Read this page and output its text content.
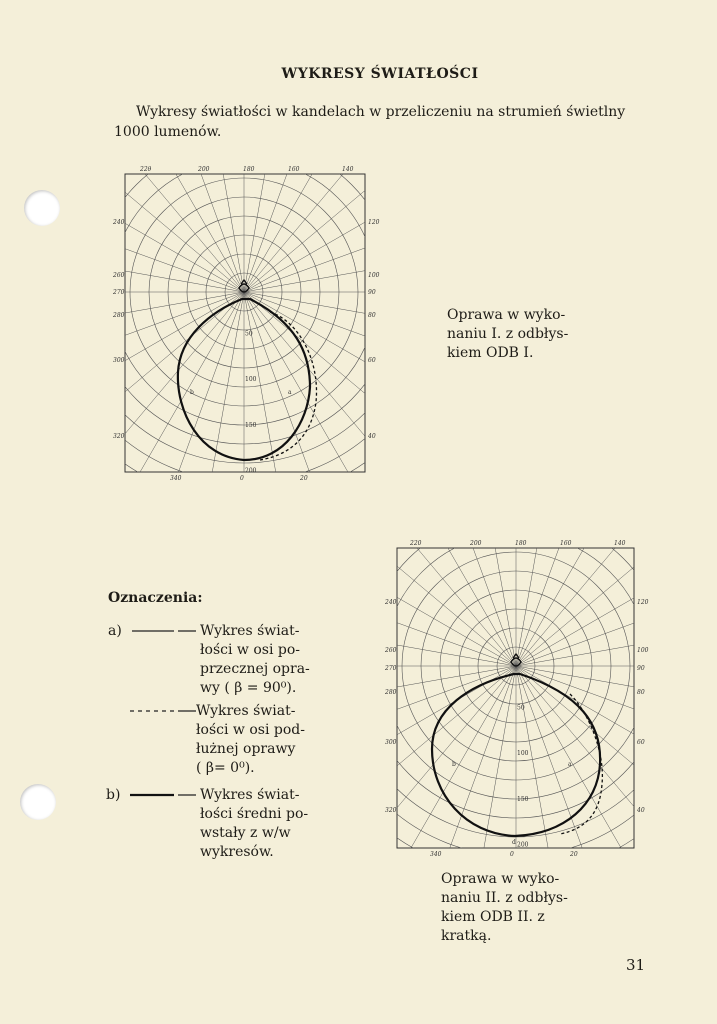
WYKRESY ŚWIATŁOŚCI
Wykresy światłości w kandelach w przeliczeniu na strumień świetlny
1000 lumenów.
240
260
270
280
300
320
120
100
90
80
60
40
22θ	200	180	160	140
340	0	20
50
100
150
200
b	a
Oprawa w wyko-
naniu I. z odbłys-
kiem ODB I.
240
260
270
280
300
320
120
100
90
80
60
40
220	200	180	160	140
340	0	20
50
100
150
200
b	a
d
Oprawa w wyko-
naniu II. z odbłys-
kiem ODB II. z
kratką.
Oznaczenia:
a)	Wykres świat-
łości w osi po-
przecznej opra-
wy ( β = 90⁰).
Wykres świat-
łości w osi pod-
łużnej oprawy
( β= 0⁰).
b)	Wykres świat-
łości średni po-
wstały z w/w
wykresów.
31
